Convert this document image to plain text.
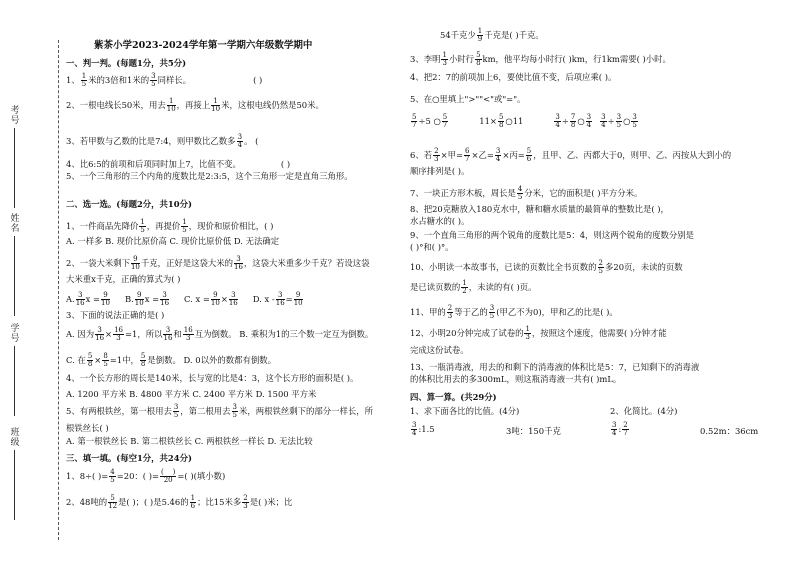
考号
姓名
学号
班级
紫茶小学2023-2024学年第一学期六年级数学期中
一、判一判。(每题1分，共5分)
1、 $\frac{1}{5}$ 米的3倍和1米的 $\frac{3}{5}$ 同样长。	( )
2、一根电线长50米，用去 $\frac{1}{10}$ ，再接上 $\frac{1}{10}$ 米，这根电线仍然是50米。
3、若甲数与乙数的比是7:4，则甲数比乙数多 $\frac{3}{4}$ 。 (
4、比6:5的前项和后项同时加上7，比值不变。	( )
5、一个三角形的三个内角的度数比是2:3:5，这个三角形一定是直角三角形。
二、选一选。(每题2分，共10分)
1、一件商品先降价 $\frac{1}{5}$ ，再提价 $\frac{1}{5}$ ，现价和原价相比，( )
A. 一样多 B. 现价比原价高 C. 现价比原价低 D. 无法确定
2、一袋大米剩下 $\frac{9}{10}$ 千克，正好是这袋大米的 $\frac{3}{16}$ ，这袋大米重多少千克？若设这袋
大米重x千克，正确的算式为( )
A. $\frac{3}{16}$ $x = \frac{9}{10} B$. $\frac{9}{10}$ $x = \frac{3}{16} C$. $x = \frac{9}{10} \times \frac{3}{16} D$. $x - \frac{3}{16} = \frac{9}{10}$
3、下面的说法正确的是( )
A. 因为 $\frac{3}{16} \times \frac{16}{3} =1$，所以 $\frac{3}{16}$ 和 $\frac{16}{3}$ 互为倒数。 B. 乘积为1的三个数一定互为倒数。
C. 在 $\frac{5}{8} \times \frac{8}{5} =1$中， $\frac{5}{8}$ 是倒数。 D. 0以外的数都有倒数。
4、一个长方形的周长是140米，长与宽的比是4：3，这个长方形的面积是( )。
A. 1200 平方米 B. 4800 平方米 C. 2400 平方米 D. 1500 平方米
5、有两根铁丝，第一根用去 $\frac{3}{5}$ ，第二根用去 $\frac{3}{5}$ 米，两根铁丝剩下的部分一样长，所
根铁丝长( )
A. 第一根铁丝长 B. 第二根铁丝长 C. 两根铁丝一样长 D. 无法比较
三、填一填。(每空1分，共24分)
1、8÷( )= $\frac{4}{5} =20$：( )= $\frac{( )}{20}$ =( )(填小数)
2、48吨的 $\frac{5}{12}$ 是( )；( )是5.46的 $\frac{1}{6}$ ；比15米多 $\frac{2}{3}$ 是( )米；比
54千克少 $\frac{1}{9}$ 千克是( )千克。
3、李明 $\frac{1}{3}$ 小时行 $\frac{5}{8}$ km，他平均每小时行( )km，行1km需要( )小时。
4、把2：7的前项加上6，要使比值不变，后项应乘( )。
5、在○里填上">""<"或"="。
$\frac{5}{7} \div 5$ ○ $\frac{5}{7}$	$11\times \frac{5}{8}$ ○11	$\frac{3}{4} \div \frac{7}{8}$ ○ $\frac{3}{4} \frac{3}{4} \div \frac{3}{5}$ ○ $\frac{3}{5}$
6、若 $\frac{2}{3}$ ×甲= $\frac{6}{7}$ ×乙= $\frac{3}{4}$ ×丙= $\frac{5}{6}$ ，且甲、乙、丙都大于0，则甲、乙、丙按从大到小的
顺序排列是( )。
7、一块正方形木板，周长是 $\frac{4}{5}$ 分米，它的面积是( )平方分米。
8、把20克糖放入180克水中，糖和糖水质量的最简单的整数比是( )，
水占糖水的( )。
9、一个直角三角形的两个锐角的度数比是5：4，则这两个锐角的度数分别是
( )°和( )°。
10、小明读一本故事书，已读的页数比全书页数的 $\frac{2}{5}$ 多20页，未读的页数
是已读页数的 $\frac{1}{2}$ ，未读的有( )页。
11、甲的 $\frac{2}{3}$ 等于乙的 $\frac{3}{5}$ (甲乙不为0)，甲和乙的比是( )。
12、小明20分钟完成了试卷的 $\frac{1}{3}$ ，按照这个速度，他需要( )分钟才能
完成这份试卷。
13、一瓶消毒液，用去的和剩下的消毒液的体积比是5：7，已知剩下的消毒液
的体积比用去的多300mL，则这瓶消毒液一共有( )mL。
四、算一算。(共29分)
1、求下面各比的比值。(4分)	2、化简比。(4分)
$\frac{3}{4}$ :1.5	3吨：150千克	$\frac{3}{4}$ : $\frac{2}{7}$	0.52m：36cm
